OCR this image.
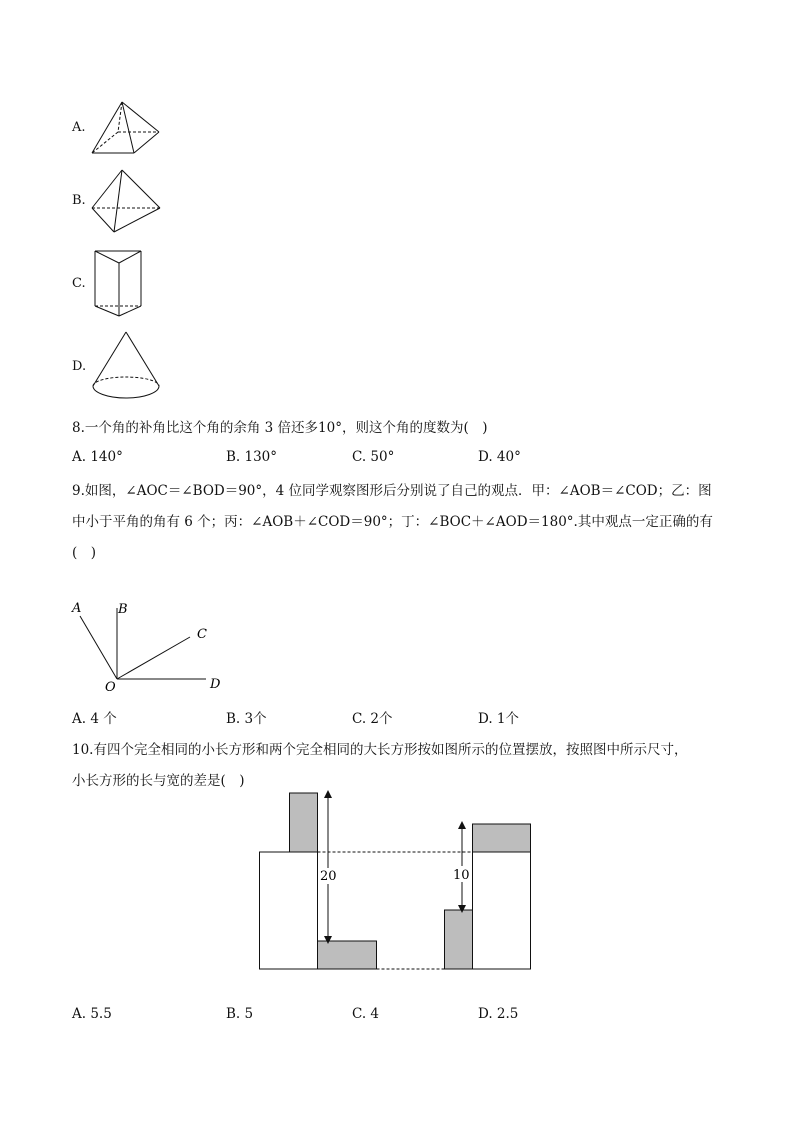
A.
B.
C.
D.
8.一个角的补角比这个角的余角 3 倍还多10°，则这个角的度数为(　)
A. 140°	B. 130°	C. 50°	D. 40°
9.如图，∠AOC＝∠BOD＝90°，4 位同学观察图形后分别说了自己的观点．甲：∠AOB＝∠COD；乙：图
中小于平角的角有 6 个；丙：∠AOB＋∠COD＝90°；丁：∠BOC＋∠AOD＝180°.其中观点一定正确的有
(　)
A	B
C
D
O
A. 4 个	B. 3个	C. 2个	D. 1个
10.有四个完全相同的小长方形和两个完全相同的大长方形按如图所示的位置摆放，按照图中所示尺寸，
小长方形的长与宽的差是(　)
20	10
A. 5.5	B. 5	C. 4	D. 2.5
